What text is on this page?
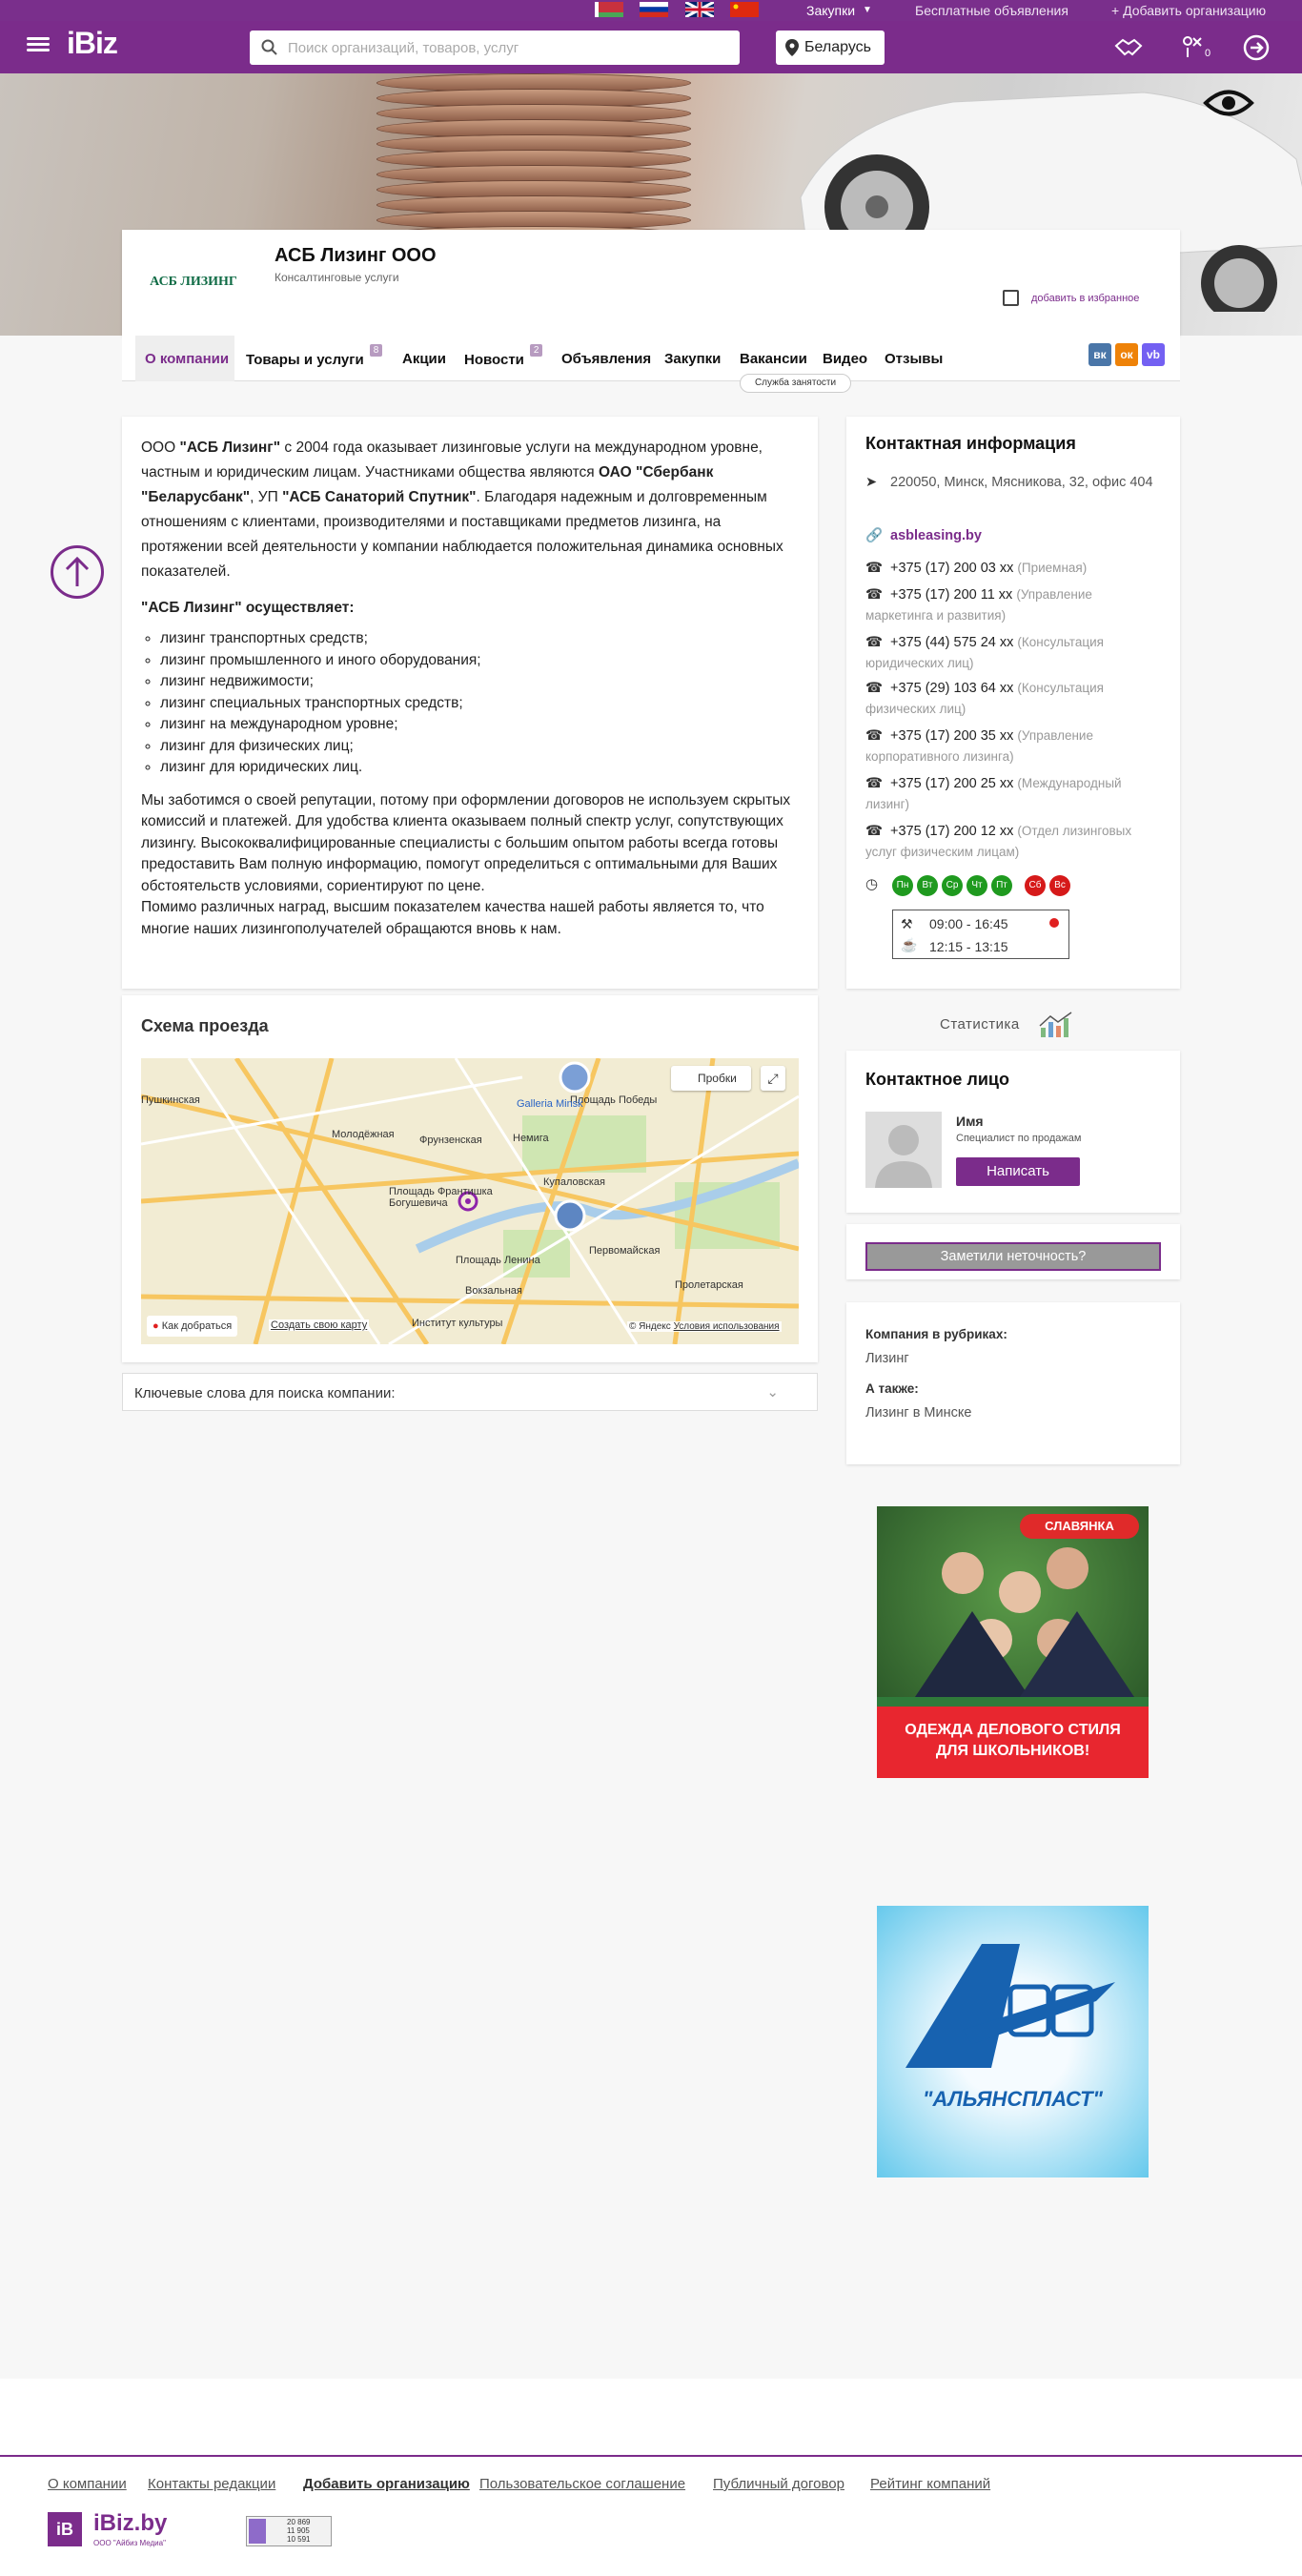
Закупки ▼	Бесплатные объявления	+ Добавить организацию
iBiz	Поиск организаций, товаров, услуг	Беларусь	0
АСБ ЛИЗИНГ
АСБ Лизинг ООО
Консалтинговые услуги
добавить в избранное
О компании	Товары и услуги$^8$
Акции Новости$^2$
Объявления Закупки Вакансии Видео Отзывы
Служба занятости
вк	ок	vb

ООО "АСБ Лизинг" с 2004 года оказывает лизинговые услуги на международном уровне, частным и юридическим лицам. Участниками общества являются ОАО "Сбербанк "Беларусбанк", УП "АСБ Санаторий Спутник". Благодаря надежным и долговременным отношениям с клиентами, производителями и поставщиками предметов лизинга, на протяжении всей деятельности у компании наблюдается положительная динамика основных показателей.

"АСБ Лизинг" осуществляет:

◦ лизинг транспортных средств;
◦ лизинг промышленного и иного оборудования;
◦ лизинг недвижимости;
◦ лизинг специальных транспортных средств;
◦ лизинг на международном уровне;
◦ лизинг для физических лиц;
◦ лизинг для юридических лиц.

Мы заботимся о своей репутации, потому при оформлении договоров не используем скрытых комиссий и платежей. Для удобства клиента оказываем полный спектр услуг, сопутствующих лизингу. Высококвалифицированные специалисты с большим опытом работы всегда готовы предоставить Вам полную информацию, помогут определиться с оптимальными для Ваших обстоятельств условиями, сориентируют по цене.

Помимо различных наград, высшим показателем качества нашей работы является то, что многие наших лизингополучателей обращаются вновь к нам.

Контактная информация
➤ 220050, Минск, Мясникова, 32, офис 404
🔗 asbleasing.by
☎ +375 (17) 200 03 хх (Приемная)
☎ +375 (17) 200 11 хх (Управление маркетинга и развития)
☎ +375 (44) 575 24 хх (Консультация юридических лиц)
☎ +375 (29) 103 64 хх (Консультация физических лиц)
☎ +375 (17) 200 35 хх (Управление корпоративного лизинга)
☎ +375 (17) 200 25 хх (Международный лизинг)
☎ +375 (17) 200 12 хх (Отдел лизинговых услуг физическим лицам)
◷	Пн	Вт	Ср	Чт	Пт	Сб	Вс
⚒ 09:00 - 16:45
☕ 12:15 - 13:15
Статистика
Контактное лицо
Имя
Специалист по продажам
Написать
Заметили неточность?
Компания в рубриках:
Лизинг
А также:
Лизинг в Минске
Схема проезда
Пушкинская
Молодёжная Фрунзенская	Немига
Площадь Победы
Купаловская
Площадь Франтишка Богушевича
Площадь Ленина
Первомайская
Вокзальная	Пролетарская
Институт культуры
Galleria Minsk
Пробки	⤢
● Как добраться	Создать свою карту	© Яндекс Условия использования
Ключевые слова для поиска компании:	⌄
СЛАВЯНКА
ОДЕЖДА ДЕЛОВОГО СТИЛЯ ДЛЯ ШКОЛЬНИКОВ!
"АЛЬЯНСПЛАСТ"
О компании Контакты редакции Добавить организацию Пользовательское соглашение Публичный договор Рейтинг компаний
iB iBiz.by
ООО "Айбиз Медиа"
20 869
11 905
10 591
